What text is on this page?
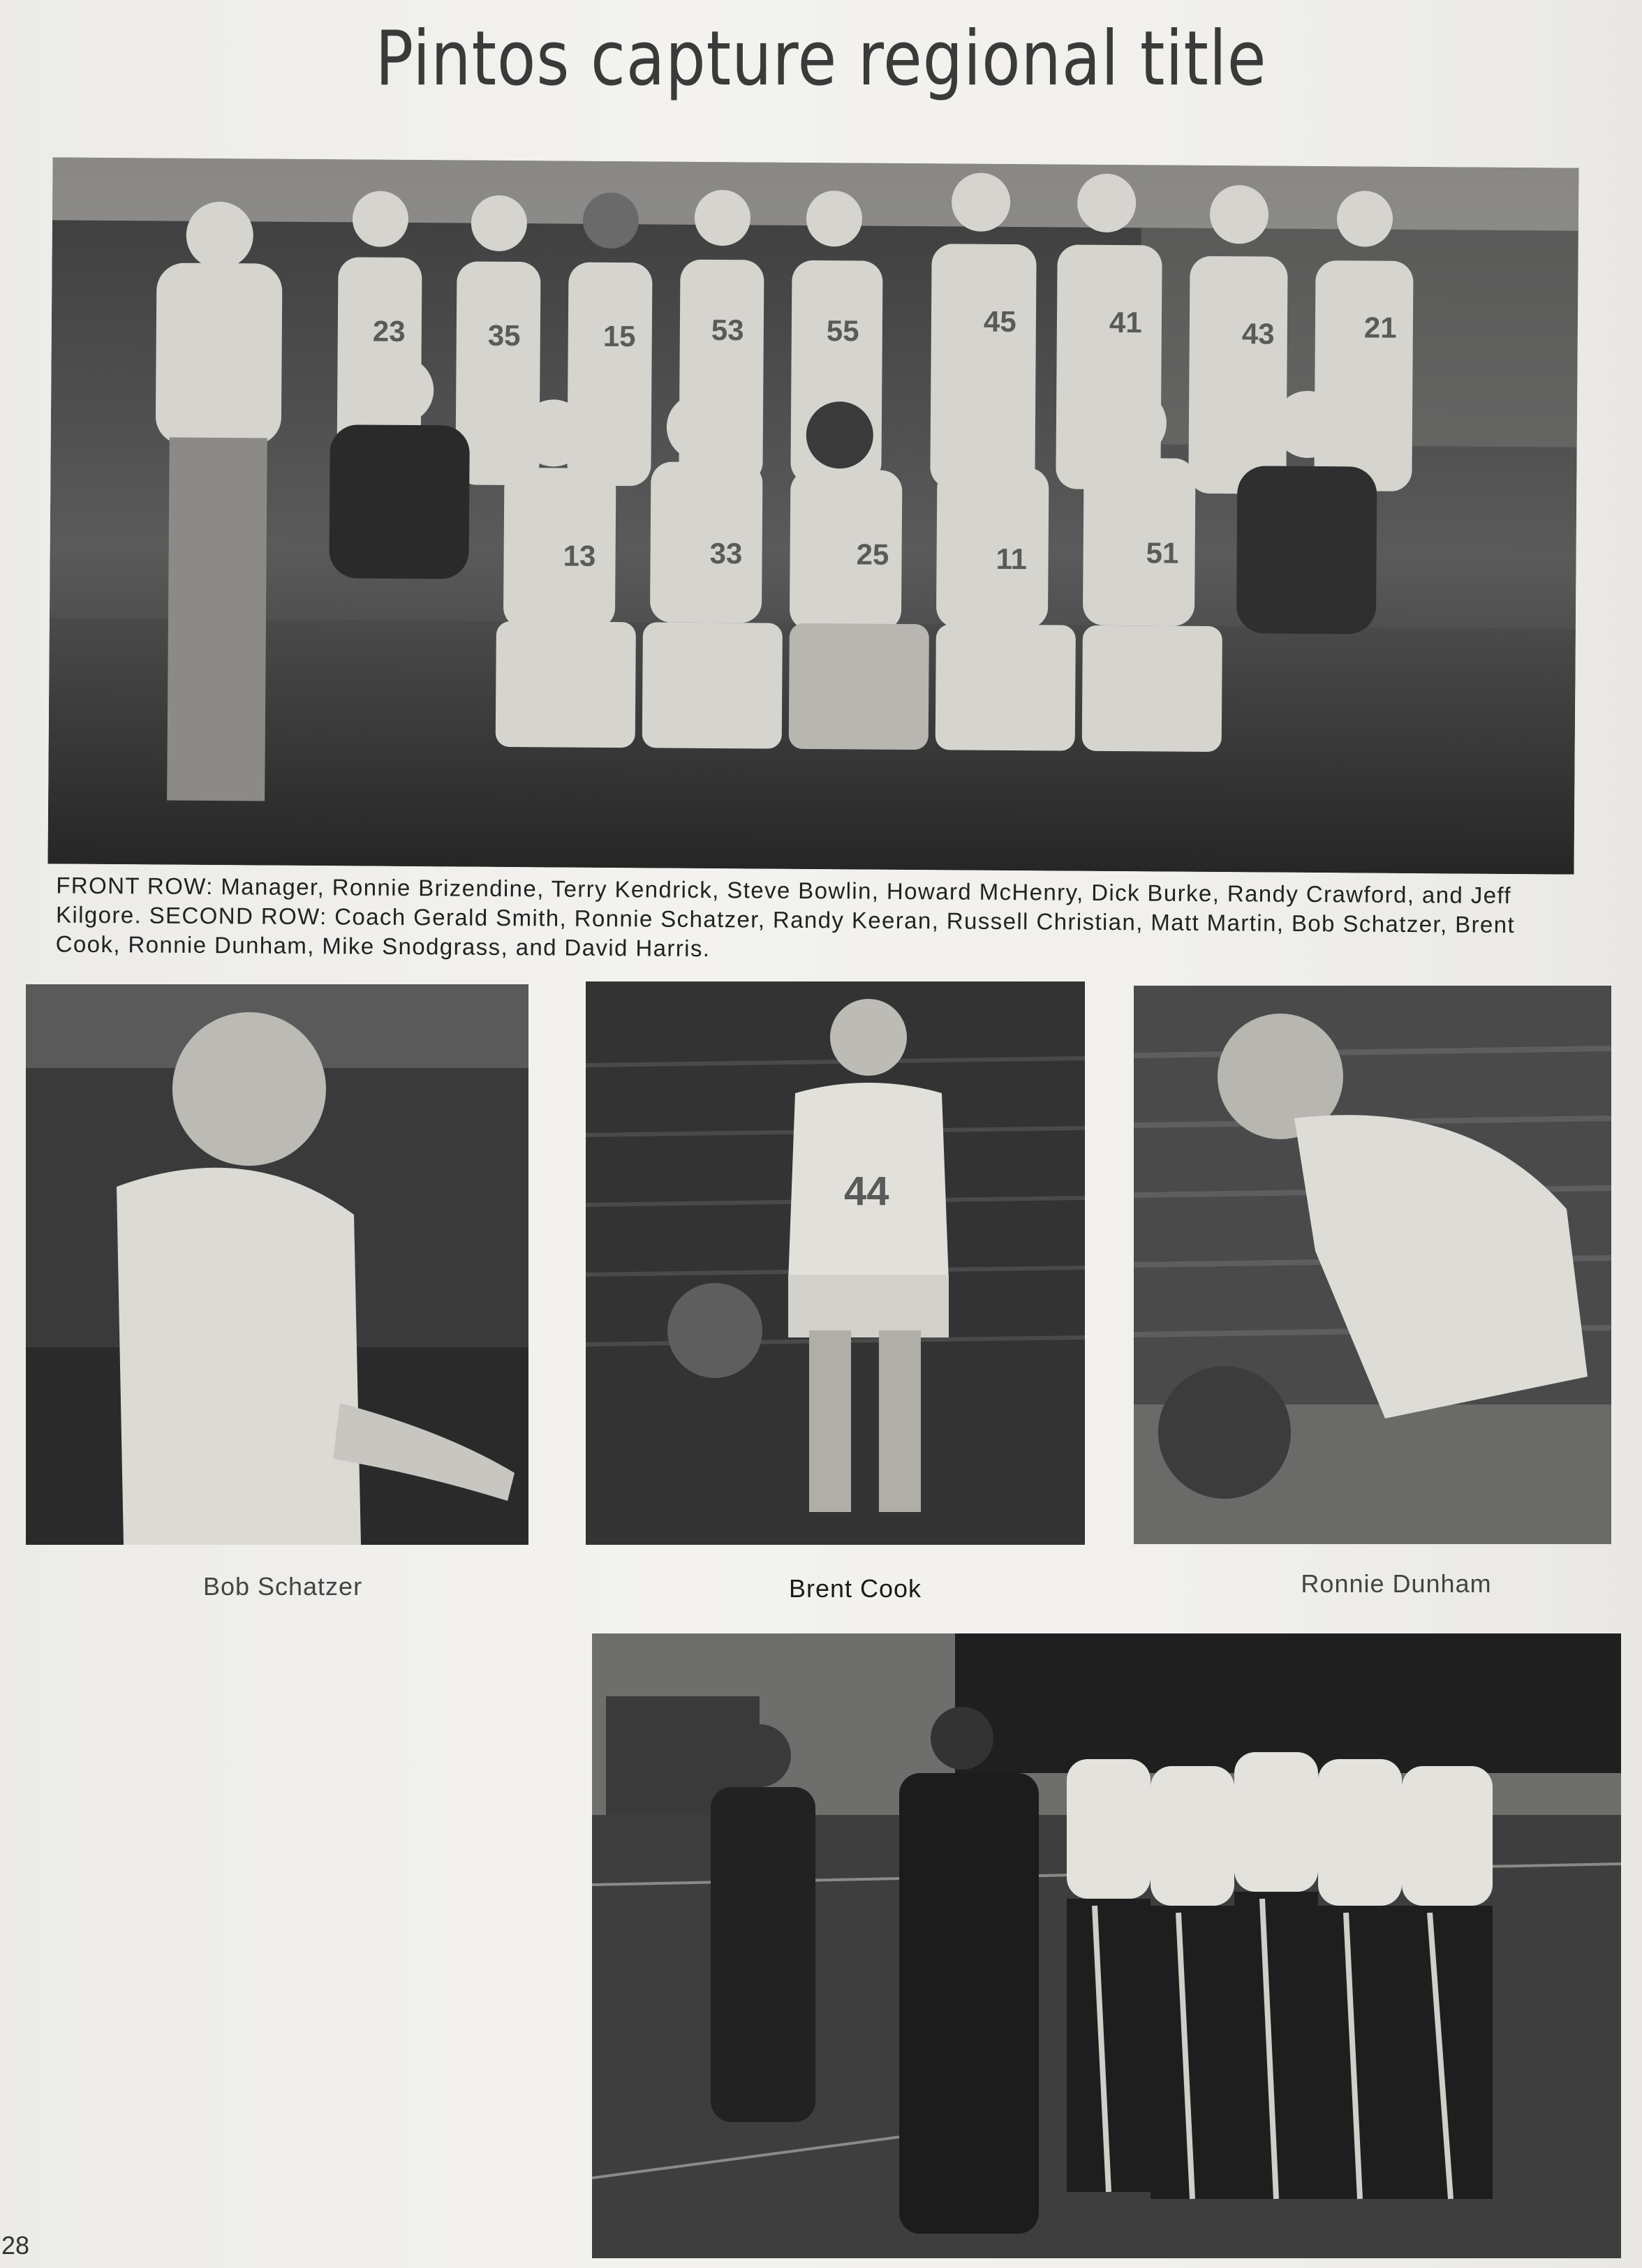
Pintos capture regional title
23	35	15	53	55	45	41	43	21
13	33	25	11	51
FRONT ROW: Manager, Ronnie Brizendine, Terry Kendrick, Steve Bowlin, Howard McHenry, Dick Burke, Randy Crawford, and Jeff Kilgore. SECOND ROW: Coach Gerald Smith, Ronnie Schatzer, Randy Keeran, Russell Christian, Matt Martin, Bob Schatzer, Brent Cook, Ronnie Dunham, Mike Snodgrass, and David Harris.
44
Bob Schatzer	Brent Cook	Ronnie Dunham
28
